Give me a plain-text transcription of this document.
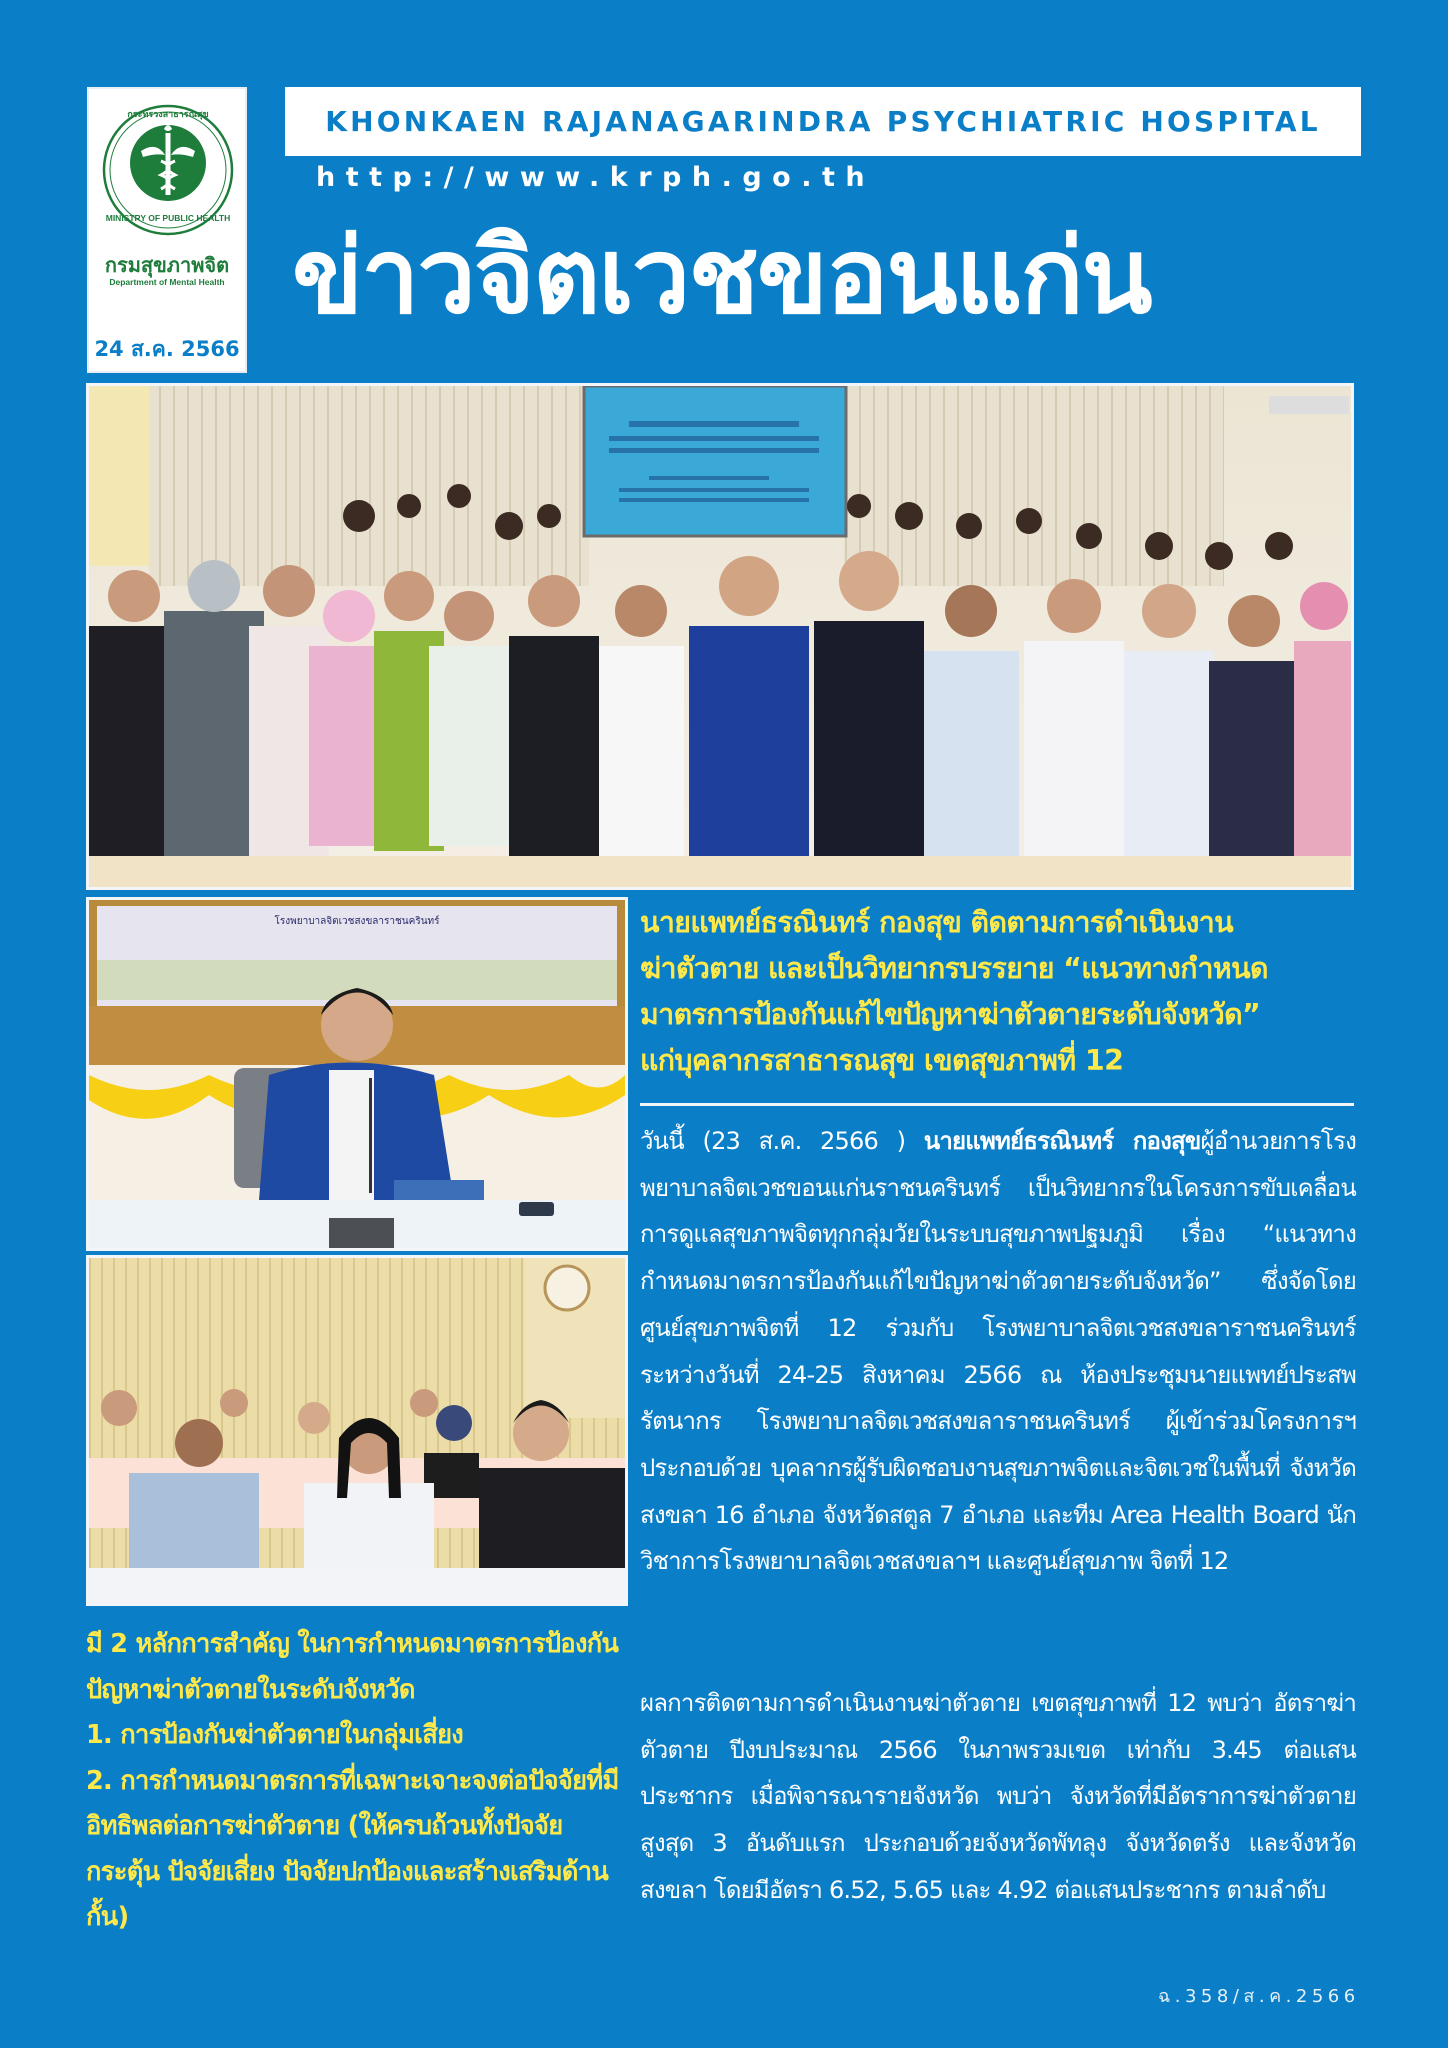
MINISTRY OF PUBLIC HEALTH
กระทรวงสาธารณสุข
กรมสุขภาพจิต
Department of Mental Health
24 ส.ค. 2566
KHONKAEN RAJANAGARINDRA PSYCHIATRIC HOSPITAL
http://www.krph.go.th
ข่าวจิตเวชขอนแก่น
โรงพยาบาลจิตเวชสงขลาราชนครินทร์	นายแพทย์ธรณินทร์ กองสุข ติดตามการดำเนินงาน
ฆ่าตัวตาย และเป็นวิทยากรบรรยาย “แนวทางกำหนด
มาตรการป้องกันแก้ไขปัญหาฆ่าตัวตายระดับจังหวัด”
แก่บุคลากรสาธารณสุข เขตสุขภาพที่ 12
วันนี้ (23 ส.ค. 2566 ) นายแพทย์ธรณินทร์ กองสุขผู้อำนวยการโรงพยาบาลจิตเวชขอนแก่นราชนครินทร์ เป็นวิทยากรในโครงการขับเคลื่อนการดูแลสุขภาพจิตทุกกลุ่มวัยในระบบสุขภาพปฐมภูมิ เรื่อง “แนวทางกำหนดมาตรการป้องกันแก้ไขปัญหาฆ่าตัวตายระดับจังหวัด” ซึ่งจัดโดย ศูนย์สุขภาพจิตที่ 12 ร่วมกับ โรงพยาบาลจิตเวชสงขลาราชนครินทร์ ระหว่างวันที่ 24-25 สิงหาคม 2566 ณ ห้องประชุมนายแพทย์ประสพรัตนากร โรงพยาบาลจิตเวชสงขลาราชนครินทร์ ผู้เข้าร่วมโครงการฯ ประกอบด้วย บุคลากรผู้รับผิดชอบงานสุขภาพจิตและจิตเวชในพื้นที่ จังหวัดสงขลา 16 อำเภอ จังหวัดสตูล 7 อำเภอ และทีม Area Health Board นักวิชาการโรงพยาบาลจิตเวชสงขลาฯ และศูนย์สุขภาพ จิตที่ 12
ผลการติดตามการดำเนินงานฆ่าตัวตาย เขตสุขภาพที่ 12 พบว่า อัตราฆ่าตัวตาย ปีงบประมาณ 2566 ในภาพรวมเขต เท่ากับ 3.45 ต่อแสนประชากร เมื่อพิจารณารายจังหวัด พบว่า จังหวัดที่มีอัตราการฆ่าตัวตายสูงสุด 3 อันดับแรก ประกอบด้วยจังหวัดพัทลุง จังหวัดตรัง และจังหวัดสงขลา โดยมีอัตรา 6.52, 5.65 และ 4.92 ต่อแสนประชากร ตามลำดับ
มี 2 หลักการสำคัญ ในการกำหนดมาตรการป้องกันปัญหาฆ่าตัวตายในระดับจังหวัด
1. การป้องกันฆ่าตัวตายในกลุ่มเสี่ยง
2. การกำหนดมาตรการที่เฉพาะเจาะจงต่อปัจจัยที่มีอิทธิพลต่อการฆ่าตัวตาย (ให้ครบถ้วนทั้งปัจจัยกระตุ้น ปัจจัยเสี่ยง ปัจจัยปกป้องและสร้างเสริมด้านกั้น)
ฉ.358/ส.ค.2566
